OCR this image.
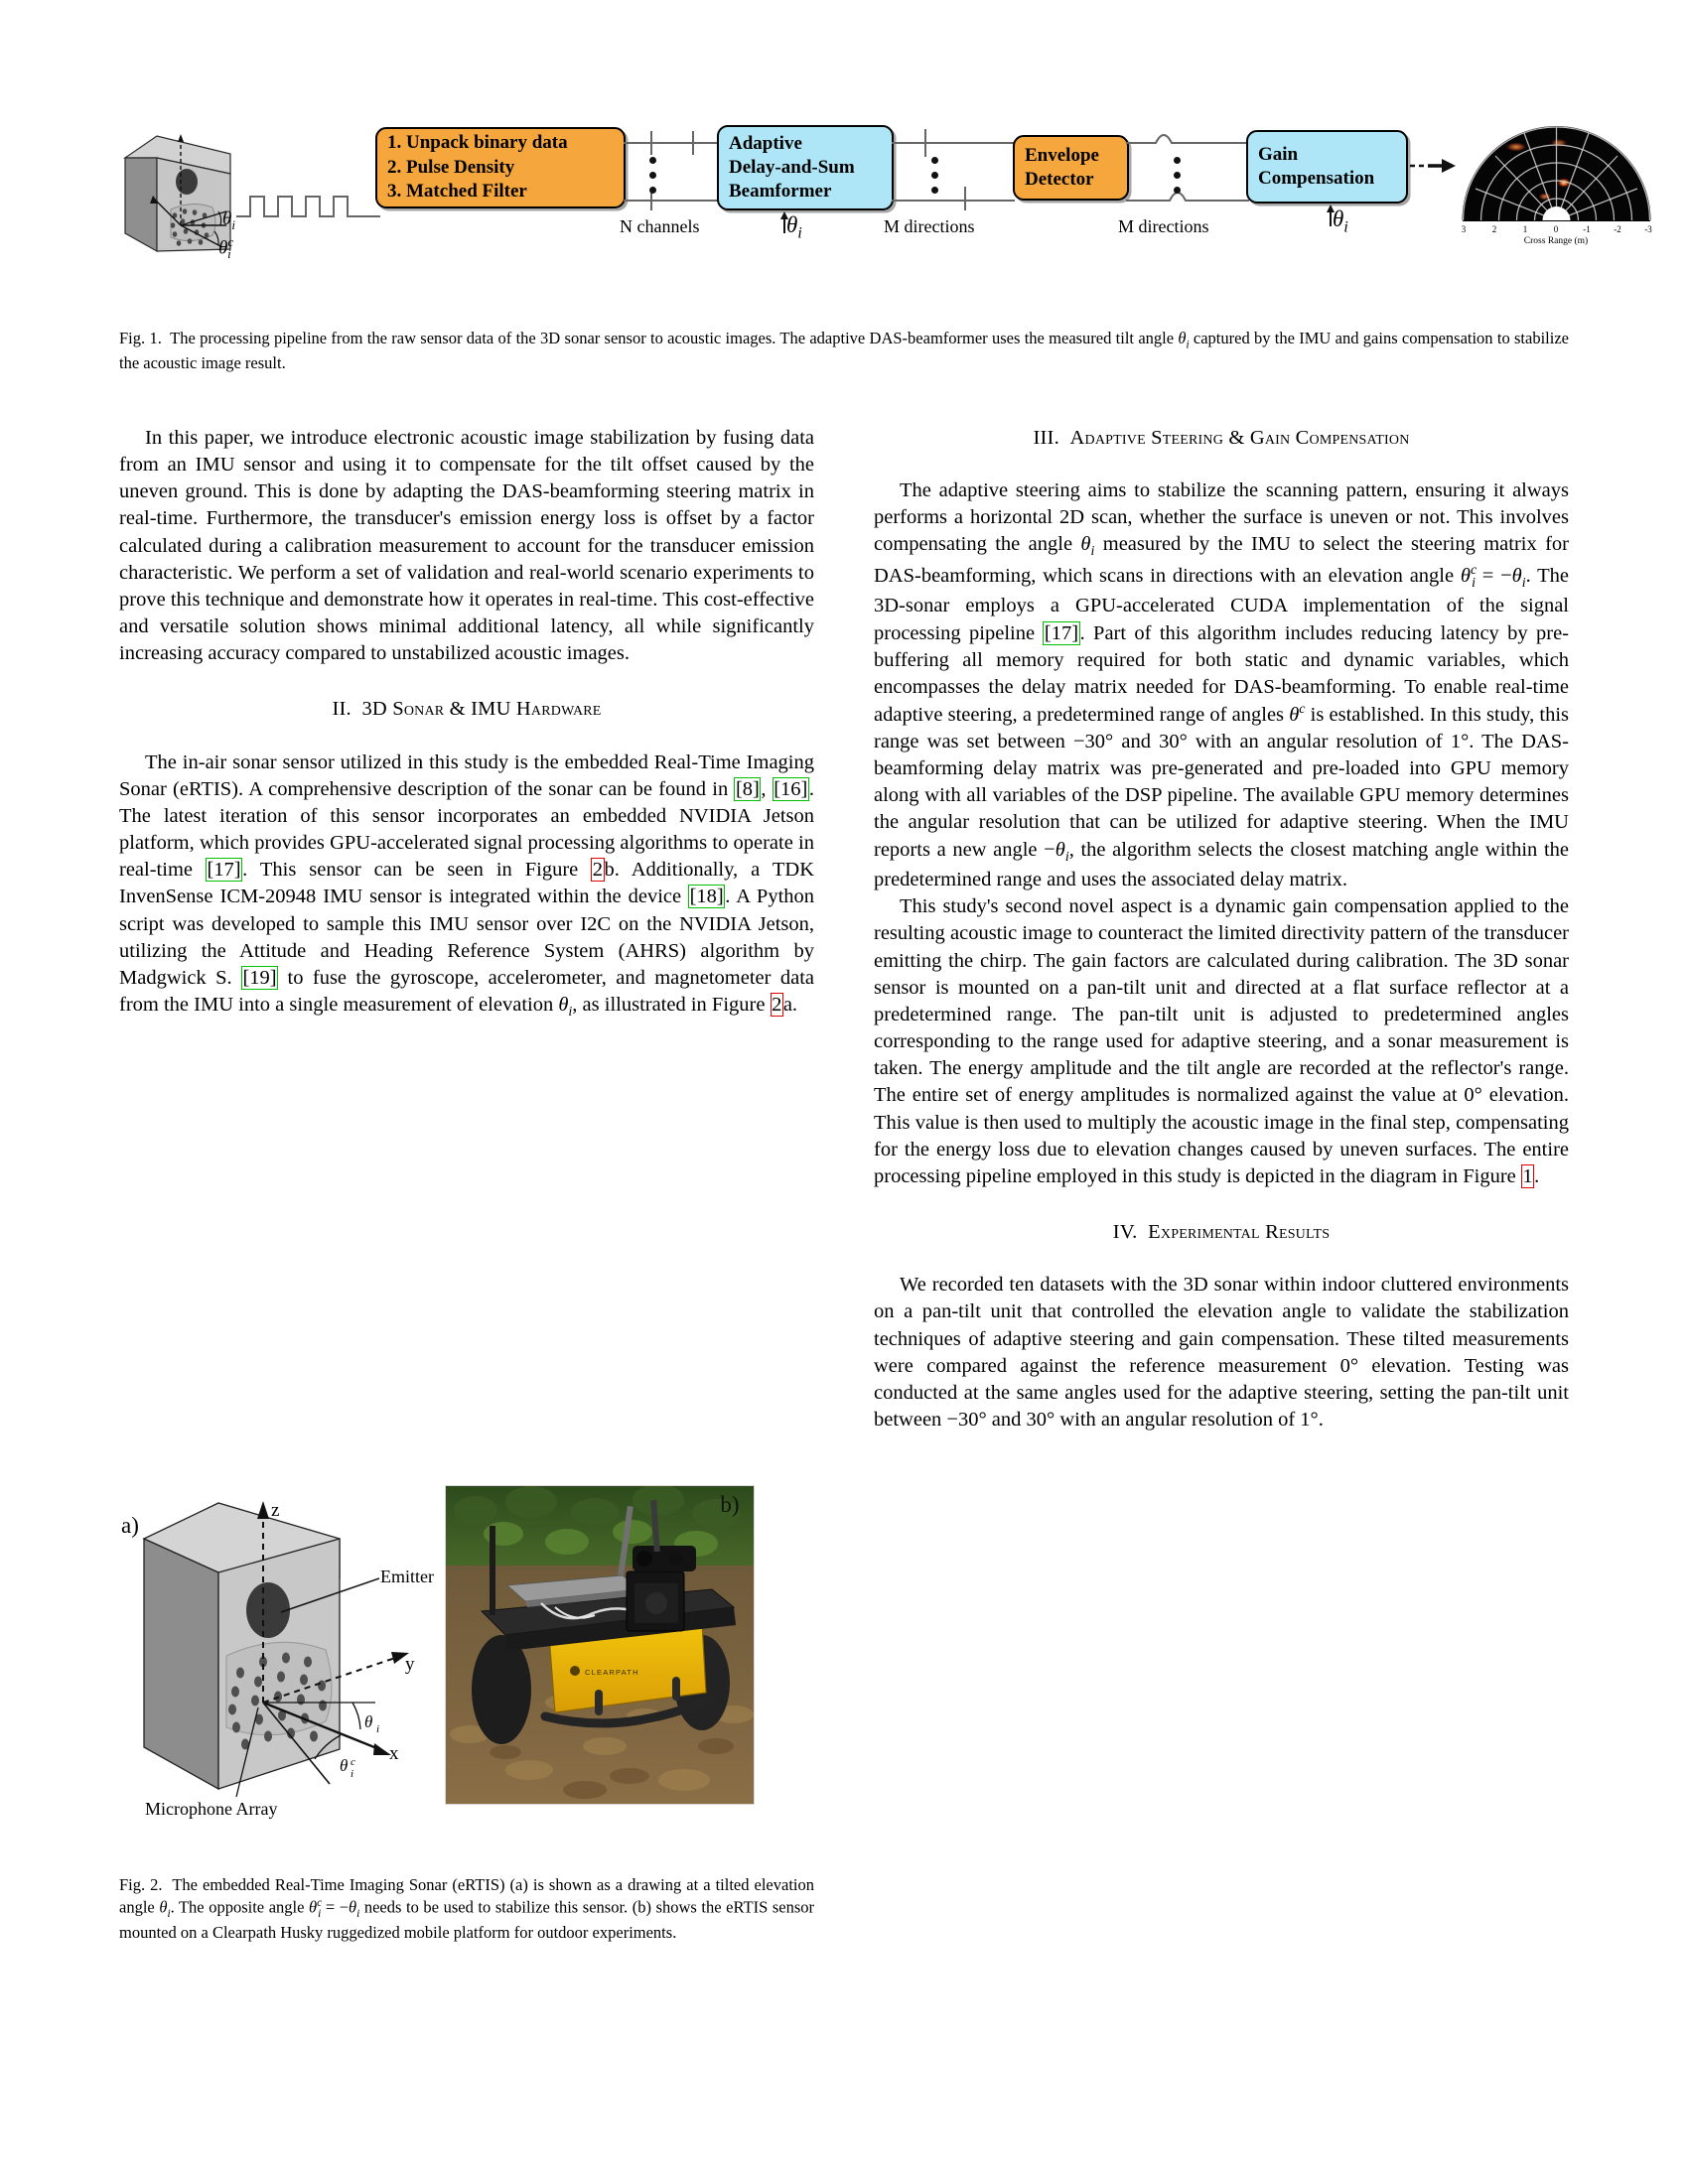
$\theta_i$
$\theta^c_i$
1. Unpack binary data
2. Pulse Density
3. Matched Filter
N channels
Adaptive
Delay-and-Sum
Beamformer
$\theta_i$	M directions
Envelope
Detector
M directions
Gain
Compensation
$\theta_i$	3	2	1	0	-1	-2	-3
Cross Range (m)
Fig. 1.  The processing pipeline from the raw sensor data of the 3D sonar sensor to acoustic images. The adaptive DAS-beamformer uses the measured tilt angle $\theta_i$ captured by the IMU and gains compensation to stabilize the acoustic image result.

In this paper, we introduce electronic acoustic image stabilization by fusing data from an IMU sensor and using it to compensate for the tilt offset caused by the uneven ground. This is done by adapting the DAS-beamforming steering matrix in real-time. Furthermore, the transducer's emission energy loss is offset by a factor calculated during a calibration measurement to account for the transducer emission characteristic. We perform a set of validation and real-world scenario experiments to prove this technique and demonstrate how it operates in real-time. This cost-effective and versatile solution shows minimal additional latency, all while significantly increasing accuracy compared to unstabilized acoustic images.

II. 3D Sonar & IMU Hardware

The in-air sonar sensor utilized in this study is the embedded Real-Time Imaging Sonar (eRTIS). A comprehensive description of the sonar can be found in [8], [16]. The latest iteration of this sensor incorporates an embedded NVIDIA Jetson platform, which provides GPU-accelerated signal processing algorithms to operate in real-time [17]. This sensor can be seen in Figure 2b. Additionally, a TDK InvenSense ICM-20948 IMU sensor is integrated within the device [18]. A Python script was developed to sample this IMU sensor over I2C on the NVIDIA Jetson, utilizing the Attitude and Heading Reference System (AHRS) algorithm by Madgwick S. [19] to fuse the gyroscope, accelerometer, and magnetometer data from the IMU into a single measurement of elevation $\theta_i$, as illustrated in Figure 2a.

III. Adaptive Steering & Gain Compensation

The adaptive steering aims to stabilize the scanning pattern, ensuring it always performs a horizontal 2D scan, whether the surface is uneven or not. This involves compensating the angle $\theta_i$ measured by the IMU to select the steering matrix for DAS-beamforming, which scans in directions with an elevation angle $\theta^c_i = -\theta_i$. The 3D-sonar employs a GPU-accelerated CUDA implementation of the signal processing pipeline [17]. Part of this algorithm includes reducing latency by pre-buffering all memory required for both static and dynamic variables, which encompasses the delay matrix needed for DAS-beamforming. To enable real-time adaptive steering, a predetermined range of angles $\theta^c$ is established. In this study, this range was set between −30° and 30° with an angular resolution of 1°. The DAS-beamforming delay matrix was pre-generated and pre-loaded into GPU memory along with all variables of the DSP pipeline. The available GPU memory determines the angular resolution that can be utilized for adaptive steering. When the IMU reports a new angle $-\theta_i$, the algorithm selects the closest matching angle within the predetermined range and uses the associated delay matrix.

This study's second novel aspect is a dynamic gain compensation applied to the resulting acoustic image to counteract the limited directivity pattern of the transducer emitting the chirp. The gain factors are calculated during calibration. The 3D sonar sensor is mounted on a pan-tilt unit and directed at a flat surface reflector at a predetermined range. The pan-tilt unit is adjusted to predetermined angles corresponding to the range used for adaptive steering, and a sonar measurement is taken. The energy amplitude and the tilt angle are recorded at the reflector's range. The entire set of energy amplitudes is normalized against the value at 0° elevation. This value is then used to multiply the acoustic image in the final step, compensating for the energy loss due to elevation changes caused by uneven surfaces. The entire processing pipeline employed in this study is depicted in the diagram in Figure 1.

IV. Experimental Results

We recorded ten datasets with the 3D sonar within indoor cluttered environments on a pan-tilt unit that controlled the elevation angle to validate the stabilization techniques of adaptive steering and gain compensation. These tilted measurements were compared against the reference measurement 0° elevation. Testing was conducted at the same angles used for the adaptive steering, setting the pan-tilt unit between −30° and 30° with an angular resolution of 1°.

z
Emitter
y
x
θ i
θ c
i
Microphone Array
a)
CLEARPATH
b)
Fig. 2.  The embedded Real-Time Imaging Sonar (eRTIS) (a) is shown as a drawing at a tilted elevation angle $\theta_i$. The opposite angle $\theta^c_i = -\theta_i$ needs to be used to stabilize this sensor. (b) shows the eRTIS sensor mounted on a Clearpath Husky ruggedized mobile platform for outdoor experiments.
